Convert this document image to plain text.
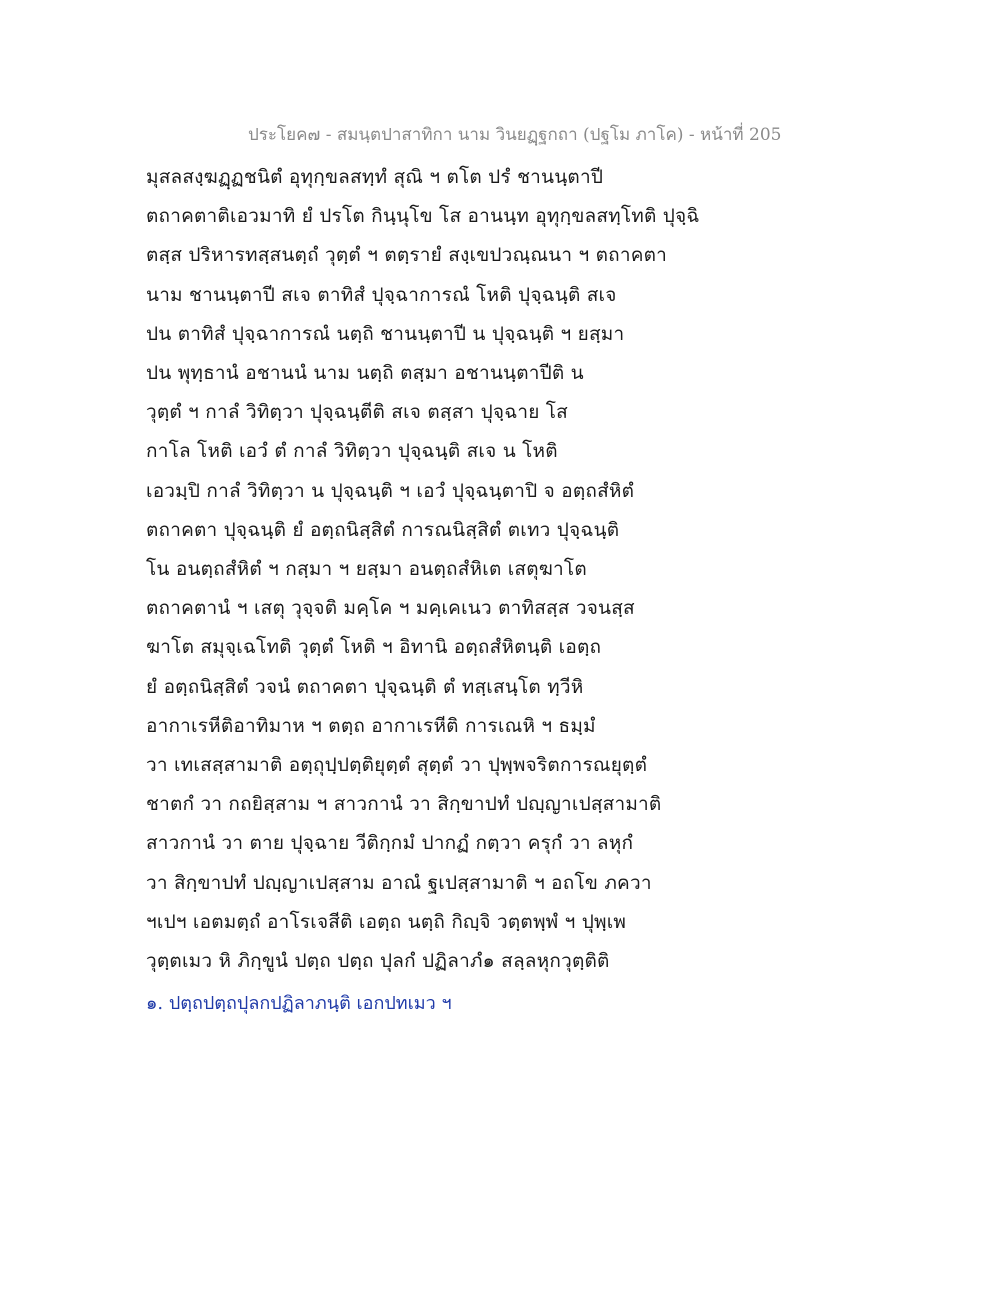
ประโยค๗ - สมนฺตปาสาทิกา นาม วินยฏฺฐกถา (ปฐโม ภาโค) - หน้าที่ 205
มุสลสงฺฆฏฺฏชนิตํ อุทุกฺขลสทฺทํ สุณิ ฯ ตโต ปรํ ชานนฺตาปี
ตถาคตาติเอวมาทิ ยํ ปรโต กินฺนุโข โส อานนฺท อุทุกฺขลสทฺโทติ ปุจฺฉิ
ตสฺส ปริหารทสฺสนตฺถํ วุตฺตํ ฯ ตตฺรายํ สงฺเขปวณฺณนา ฯ ตถาคตา
นาม ชานนฺตาปี สเจ ตาทิสํ ปุจฺฉาการณํ โหติ ปุจฺฉนฺติ สเจ
ปน ตาทิสํ ปุจฺฉาการณํ นตฺถิ ชานนฺตาปี น ปุจฺฉนฺติ ฯ ยสฺมา
ปน พุทฺธานํ อชานนํ นาม นตฺถิ ตสฺมา อชานนฺตาปีติ น
วุตฺตํ ฯ กาลํ วิทิตฺวา ปุจฺฉนฺตีติ สเจ ตสฺสา ปุจฺฉาย โส
กาโล โหติ เอวํ ตํ กาลํ วิทิตฺวา ปุจฺฉนฺติ สเจ น โหติ
เอวมฺปิ กาลํ วิทิตฺวา น ปุจฺฉนฺติ ฯ เอวํ ปุจฺฉนฺตาปิ จ อตฺถสํหิตํ
ตถาคตา ปุจฺฉนฺติ ยํ อตฺถนิสฺสิตํ การณนิสฺสิตํ ตเทว ปุจฺฉนฺติ
โน อนตฺถสํหิตํ ฯ กสฺมา ฯ ยสฺมา อนตฺถสํหิเต เสตุฆาโต
ตถาคตานํ ฯ เสตุ วุจฺจติ มคฺโค ฯ มคฺเคเนว ตาทิสสฺส วจนสฺส
ฆาโต สมุจฺเฉโทติ วุตฺตํ โหติ ฯ อิทานิ อตฺถสํหิตนฺติ เอตฺถ
ยํ อตฺถนิสฺสิตํ วจนํ ตถาคตา ปุจฺฉนฺติ ตํ ทสฺเสนฺโต ทฺวีหิ
อากาเรหีติอาทิมาห ฯ ตตฺถ อากาเรหีติ การเณหิ ฯ ธมฺมํ
วา เทเสสฺสามาติ อตฺถุปฺปตฺติยุตฺตํ สุตฺตํ วา ปุพฺพจริตการณยุตฺตํ
ชาตกํ วา กถยิสฺสาม ฯ สาวกานํ วา สิกฺขาปทํ ปญฺญาเปสฺสามาติ
สาวกานํ วา ตาย ปุจฺฉาย วีติกฺกมํ ปากฏํ กตฺวา ครุกํ วา ลหุกํ
วา สิกฺขาปทํ ปญฺญาเปสฺสาม อาณํ ฐเปสฺสามาติ ฯ อถโข ภควา
ฯเปฯ เอตมตฺถํ อาโรเจสีติ เอตฺถ นตฺถิ กิญฺจิ วตฺตพฺพํ ฯ ปุพฺเพ
วุตฺตเมว หิ ภิกฺขูนํ ปตฺถ ปตฺถ ปุลกํ ปฏิลาภํ๑ สลฺลหุกวุตฺติติ
๑. ปตฺถปตฺถปุลกปฏิลาภนฺติ เอกปทเมว ฯ
